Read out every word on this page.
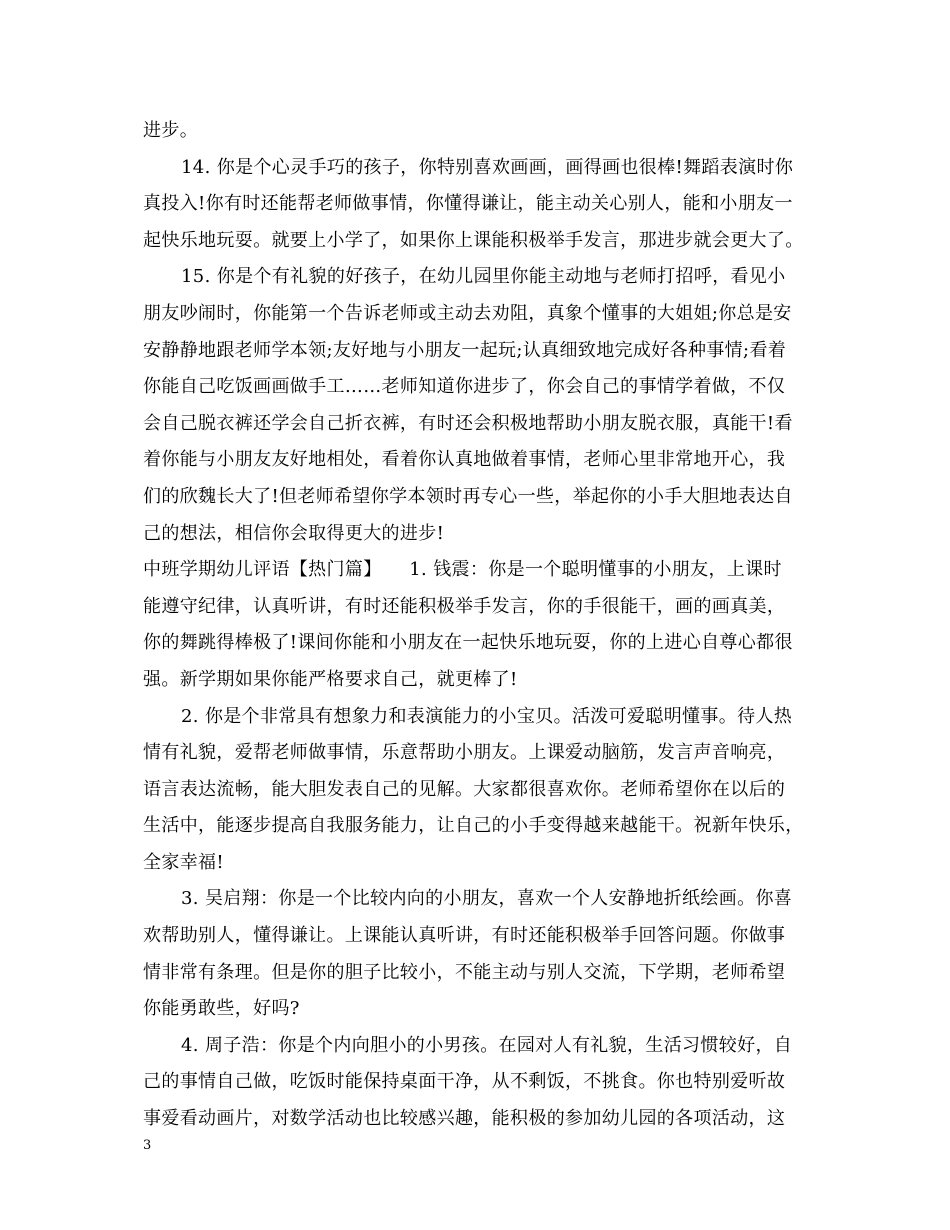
进步。
14. 你是个心灵手巧的孩子，你特别喜欢画画，画得画也很棒!舞蹈表演时你
真投入!你有时还能帮老师做事情，你懂得谦让，能主动关心别人，能和小朋友一
起快乐地玩耍。就要上小学了，如果你上课能积极举手发言，那进步就会更大了。
15. 你是个有礼貌的好孩子，在幼儿园里你能主动地与老师打招呼，看见小
朋友吵闹时，你能第一个告诉老师或主动去劝阻，真象个懂事的大姐姐;你总是安
安静静地跟老师学本领;友好地与小朋友一起玩;认真细致地完成好各种事情;看着
你能自己吃饭画画做手工……老师知道你进步了，你会自己的事情学着做，不仅
会自己脱衣裤还学会自己折衣裤，有时还会积极地帮助小朋友脱衣服，真能干!看
着你能与小朋友友好地相处，看着你认真地做着事情，老师心里非常地开心，我
们的欣魏长大了!但老师希望你学本领时再专心一些，举起你的小手大胆地表达自
己的想法，相信你会取得更大的进步!
中班学期幼儿评语【热门篇】　　1. 钱震：你是一个聪明懂事的小朋友，上课时
能遵守纪律，认真听讲，有时还能积极举手发言，你的手很能干，画的画真美，
你的舞跳得棒极了!课间你能和小朋友在一起快乐地玩耍，你的上进心自尊心都很
强。新学期如果你能严格要求自己，就更棒了!
2. 你是个非常具有想象力和表演能力的小宝贝。活泼可爱聪明懂事。待人热
情有礼貌，爱帮老师做事情，乐意帮助小朋友。上课爱动脑筋，发言声音响亮，
语言表达流畅，能大胆发表自己的见解。大家都很喜欢你。老师希望你在以后的
生活中，能逐步提高自我服务能力，让自己的小手变得越来越能干。祝新年快乐，
全家幸福!
3. 吴启翔：你是一个比较内向的小朋友，喜欢一个人安静地折纸绘画。你喜
欢帮助别人，懂得谦让。上课能认真听讲，有时还能积极举手回答问题。你做事
情非常有条理。但是你的胆子比较小，不能主动与别人交流，下学期，老师希望
你能勇敢些，好吗?
4. 周子浩：你是个内向胆小的小男孩。在园对人有礼貌，生活习惯较好，自
己的事情自己做，吃饭时能保持桌面干净，从不剩饭，不挑食。你也特别爱听故
事爱看动画片，对数学活动也比较感兴趣，能积极的参加幼儿园的各项活动，这
3
